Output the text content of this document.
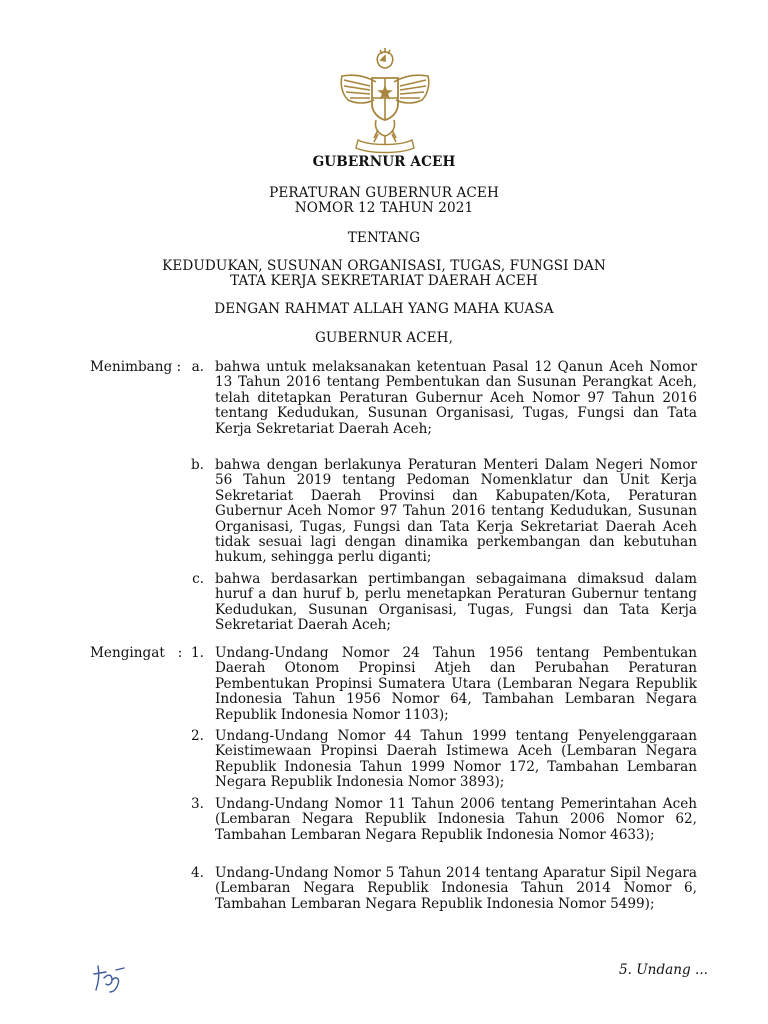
GUBERNUR ACEH
PERATURAN GUBERNUR ACEH
NOMOR 12 TAHUN 2021
TENTANG
KEDUDUKAN, SUSUNAN ORGANISASI, TUGAS, FUNGSI DAN
TATA KERJA SEKRETARIAT DAERAH ACEH
DENGAN RAHMAT ALLAH YANG MAHA KUASA
GUBERNUR ACEH,
Menimbang : a. bahwa untuk melaksanakan ketentuan Pasal 12 Qanun Aceh Nomor 13 Tahun 2016 tentang Pembentukan dan Susunan Perangkat Aceh, telah ditetapkan Peraturan Gubernur Aceh Nomor 97 Tahun 2016 tentang Kedudukan, Susunan Organisasi, Tugas, Fungsi dan Tata Kerja Sekretariat Daerah Aceh;
b. bahwa dengan berlakunya Peraturan Menteri Dalam Negeri Nomor 56 Tahun 2019 tentang Pedoman Nomenklatur dan Unit Kerja Sekretariat Daerah Provinsi dan Kabupaten/Kota, Peraturan Gubernur Aceh Nomor 97 Tahun 2016 tentang Kedudukan, Susunan Organisasi, Tugas, Fungsi dan Tata Kerja Sekretariat Daerah Aceh tidak sesuai lagi dengan dinamika perkembangan dan kebutuhan hukum, sehingga perlu diganti;
c. bahwa berdasarkan pertimbangan sebagaimana dimaksud dalam huruf a dan huruf b, perlu menetapkan Peraturan Gubernur tentang Kedudukan, Susunan Organisasi, Tugas, Fungsi dan Tata Kerja Sekretariat Daerah Aceh;
Mengingat   : 1. Undang-Undang Nomor 24 Tahun 1956 tentang Pembentukan Daerah Otonom Propinsi Atjeh dan Perubahan Peraturan Pembentukan Propinsi Sumatera Utara (Lembaran Negara Republik Indonesia Tahun 1956 Nomor 64, Tambahan Lembaran Negara Republik Indonesia Nomor 1103);
2. Undang-Undang Nomor 44 Tahun 1999 tentang Penyelenggaraan Keistimewaan Propinsi Daerah Istimewa Aceh (Lembaran Negara Republik Indonesia Tahun 1999 Nomor 172, Tambahan Lembaran Negara Republik Indonesia Nomor 3893);
3. Undang-Undang Nomor 11 Tahun 2006 tentang Pemerintahan Aceh (Lembaran Negara Republik Indonesia Tahun 2006 Nomor 62, Tambahan Lembaran Negara Republik Indonesia Nomor 4633);
4. Undang-Undang Nomor 5 Tahun 2014 tentang Aparatur Sipil Negara (Lembaran Negara Republik Indonesia Tahun 2014 Nomor 6, Tambahan Lembaran Negara Republik Indonesia Nomor 5499);
5. Undang ...
